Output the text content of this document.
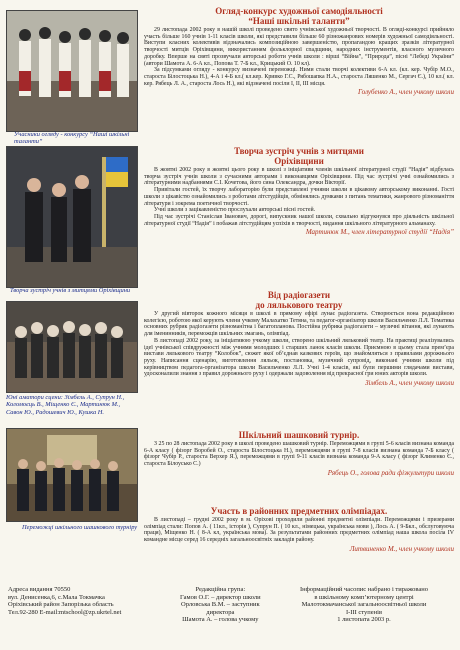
Учасники огляду - конкурсу “Наші шкільні таланти”
Творча зустріч учнів з митцями Оріхівщини
Юні аматори сцени: Зімбель А., Супрун Н., Коломоєць В., Міщенко Є., Мартинюк М., Савон Ю., Радошевич Ю., Кушка Н.
Переможці шкільного шашкового турніру
Огляд-конкурс художньої самодіяльності
“Наші шкільні таланти”

29 листопада 2002 року в нашій школі проведено свято учнівської художньої творчості. В огляді-конкурсі прийняло участь більше 160 учнів 1-11 класів школи, які представили більше 60 різножанрових номерів художньої самодіяльності. Виступи класних колективів відзначались композиційною завершеністю, пропагандою кращих зразків літературної творчості митців Оріхівщини, використанням фольклорної спадщини, народних інструментів, власного музичного доробку. Вперше на святі прозвучали авторські роботи учнів школи : вірші “Війна”, “Природа”, пісні “Лебеді України” (автори Шамота А. 6-А кл., Попова Т. 7-Б кл., Крицький О. 10 кл).

За підсумками огляду - конкурсу визначені переможці. Ними стали творчі колективи 6-А кл. (кл. кер. Чубір М.О., староста Білостоцька Н.), 4-А і 4-Б кл.( кл.кер. Кривко Г.С., Рябошапка Н.А., староста Ляшенко М., Сергач Є.), 10 кл.( кл. кер. Рябець Л. А., староста Лось Н.), які відзначені посіли I, II, III місця.

Голубенко А., член учкому школи
Творча зустріч учнів з митцями
Оріхівщини

В жовтні 2002 року в жовтні цього року в школі з ініціативи членів шкільної літературної студії “Надія” відбулась творча зустріч учнів школи з сучасними авторами і виконавцями Оріхівщини. Під час зустрічі учні ознайомились з літературними надбаннями С.І. Кочетова, його сина Олександра, дочки Вікторії.

Привітали гостей, їх творчу лабораторію були представлені учнями школи в цікавому авторському виконанні. Гості школи з цікавістю ознайомились з роботами літстудійців, обмінялись думками з питань тематики, жанрового різноманіття літератури і зокрема поетичної творчості.

Учні школи з зацікавленістю прослухали авторські пісні гостей.

Під час зустрічі Станіслав Іванович, дорогі, випускник нашої школи, схвально відгукнувся про діяльність шкільної літературної студії “Надія” і побажав літстудійцям успіхів в творчості, видання шкільного літературного альманаху.

Мартинюк М., член літературної студії “Надія”
Від радіогазети
до лялькового театру

У другий вівторок кожного місяця в школі в прямому ефірі лунає радіогазета. Створюється вона редакційною колегією, роботою якої керують члени учкому Малахатко Тетяна, та педагог-організатор школи Васильченко Л.Л. Тематика основних рубрик радіогазети різноманітна і багатопланова. Постійна рубрика радіогазети – музичні вітання, які лунають для іменинників, переможців шкільних змагань, олімпіад.

В листопаді 2002 року, за ініціативою учкому школи, створено шкільний ляльковий театр. На практиці реалізувались ідеї учнівської співдружності між учнями молодших і старших ланок класів школи. Приємною в цьому стала прем’єра вистави лялькового театру “Колобок”, сюжет якої об’єднав казкових героїв, що знайомляться з правилами дорожнього руху. Написання сценарію, виготовлення ляльок, постановка, музичний супровід, виконані учнями школи під керівництвом педагога-організатора школи Васильченко Л.Л. Учні 1-4 класів, які були першими глядачами вистави, удосконалили знання з правил дорожнього руху і одержали задоволення від прекрасної гри юних акторів школи.

Зімбель А., член учкому школи
Шкільний шашковий турнір.

З 25 по 28 листопада 2002 року в школі проведено шашковий турнір. Переможцями в групі 5-6 класів визнана команда 6-А класу ( фізорг Воробей О., староста Білостоцька Н.), переможцями в групі 7-8 класів визнана команда 7-Б класу ( фізорг Чубір Р., староста Верхер Я.), переможцями в групі 9-11 класів визнана команда 9-А класу ( фізорг Клименко Є., староста Білоусько С.)

Рябець О., голова ради фізкультури школи
Участь в районних предметних олімпіадах.

В листопаді – грудні 2002 року в м. Оріхові проходили районні предметні олімпіади. Переможцями і призерами олімпіад стали: Попов А. ( 11кл., історія ), Супрун П. ( 10 кл., німецька, українська мови ), Лось А. ( 9-Бкл., обслуговуюча праця), Міщенко Н. ( 8-А кл, українська мова). За результатами районних предметних олімпіад наша школа посіла IV командне місце серед 16 середніх загальноосвітніх закладів району.

Литвиненко М., член учкому школи
Адреса видання 70550
вул. Денисенка,6, с.Мала Токмачка
Оріхівський район Запорізька область
Тел.92-280 E-mail:mtschool@zp.ukrtel.net
Редакційна група:
Гамов О.Г. – директор школи
Орловська В.М. – заступник
директора
Шамота А. – голова учкому
Інформаційний часопис набрано і тиражовано
в шкільному комп’ютерному центрі
Малотокмачанської загальноосвітньої школи
I-III ступенів
1 листопата 2003 р.
